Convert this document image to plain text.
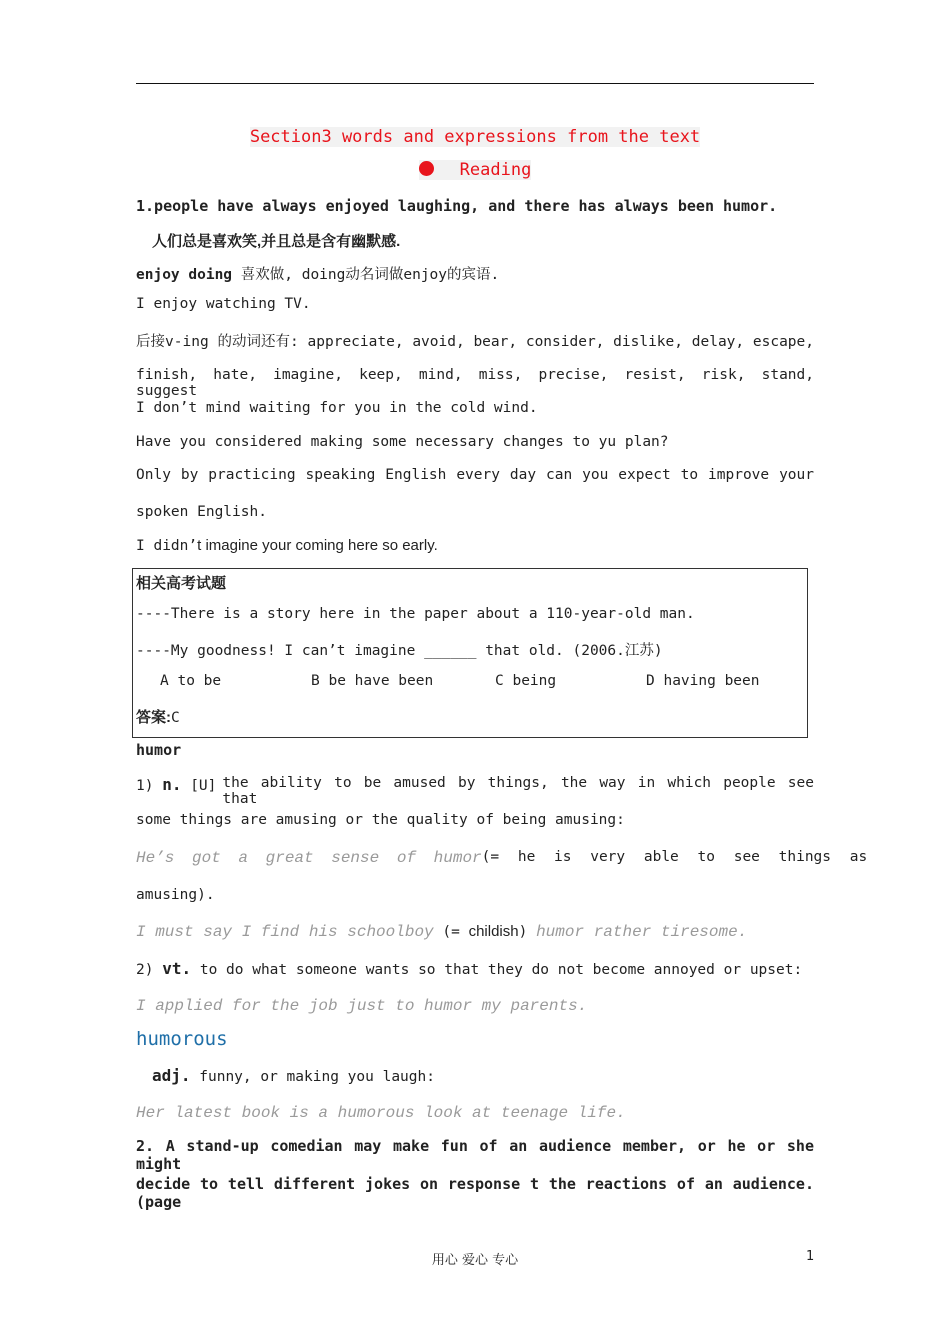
Section3 words and expressions from the text
Reading
1.people have always enjoyed laughing, and there has always been humor.
人们总是喜欢笑,并且总是含有幽默感.
enjoy doing 喜欢做, doing动名词做enjoy的宾语.
I enjoy watching TV.
后接v-ing 的动词还有: appreciate, avoid, bear, consider, dislike, delay, escape,
finish, hate, imagine, keep, mind, miss, precise, resist, risk, stand, suggest
I don’t mind waiting for you in the cold wind.
Have you considered making some necessary changes to yu plan?
Only by practicing speaking English every day can you expect to improve your
spoken English.
I didn’t imagine your coming here so early.
相关高考试题
----There is a story here in the paper about a 110-year-old man.
----My goodness! I can’t imagine ______ that old. (2006.江苏)
A to be	B be have been	C being	D having been
答案:C
humor
1) n. [U] the ability to be amused by things, the way in which people see that
some things are amusing or the quality of being amusing:
He’s got a great sense of humor (= he is very able to see things as
amusing).
I must say I find his schoolboy (= childish) humor rather tiresome.
2) vt. to do what someone wants so that they do not become annoyed or upset:
I applied for the job just to humor my parents.
humorous
adj. funny, or making you laugh:
Her latest book is a humorous look at teenage life.
2. A stand-up comedian may make fun of an audience member, or he or she might
decide to tell different jokes on response t the reactions of an audience. (page
用心 爱心 专心	1
